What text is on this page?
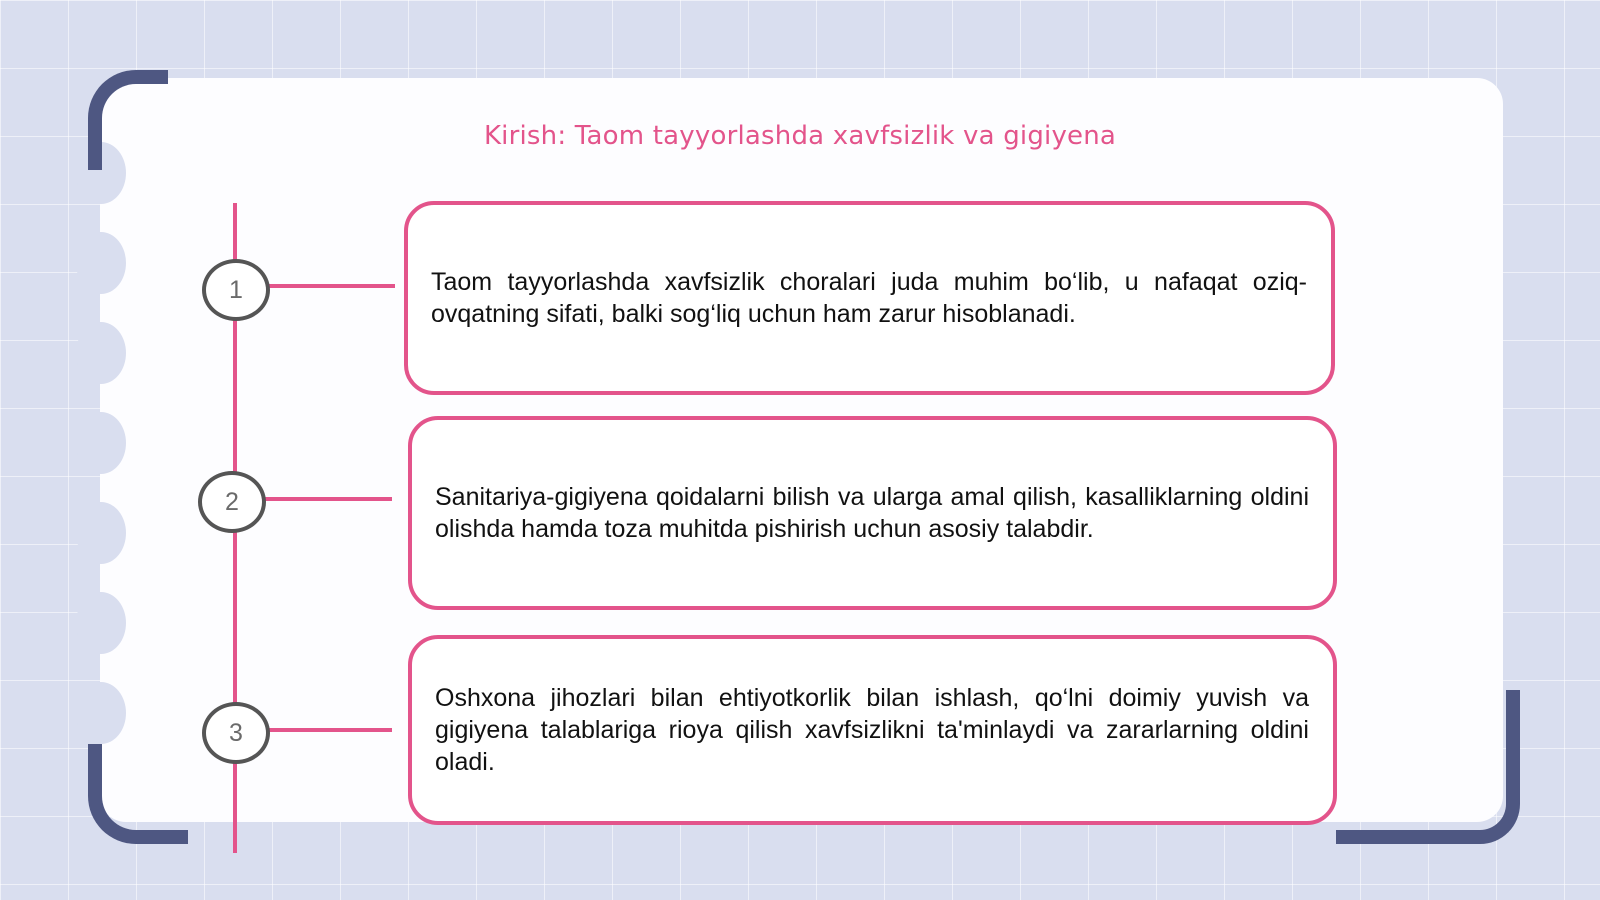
Kirish: Taom tayyorlashda xavfsizlik va gigiyena
1	Taom tayyorlashda xavfsizlik choralari juda muhim bo‘lib, u nafaqat oziq-ovqatning sifati, balki sog‘liq uchun ham zarur hisoblanadi.

2	Sanitariya-gigiyena qoidalarni bilish va ularga amal qilish, kasalliklarning oldini olishda hamda toza muhitda pishirish uchun asosiy talabdir.

3

Oshxona jihozlari bilan ehtiyotkorlik bilan ishlash, qo‘lni doimiy yuvish va gigiyena talablariga rioya qilish xavfsizlikni ta'minlaydi va zararlarning oldini oladi.
